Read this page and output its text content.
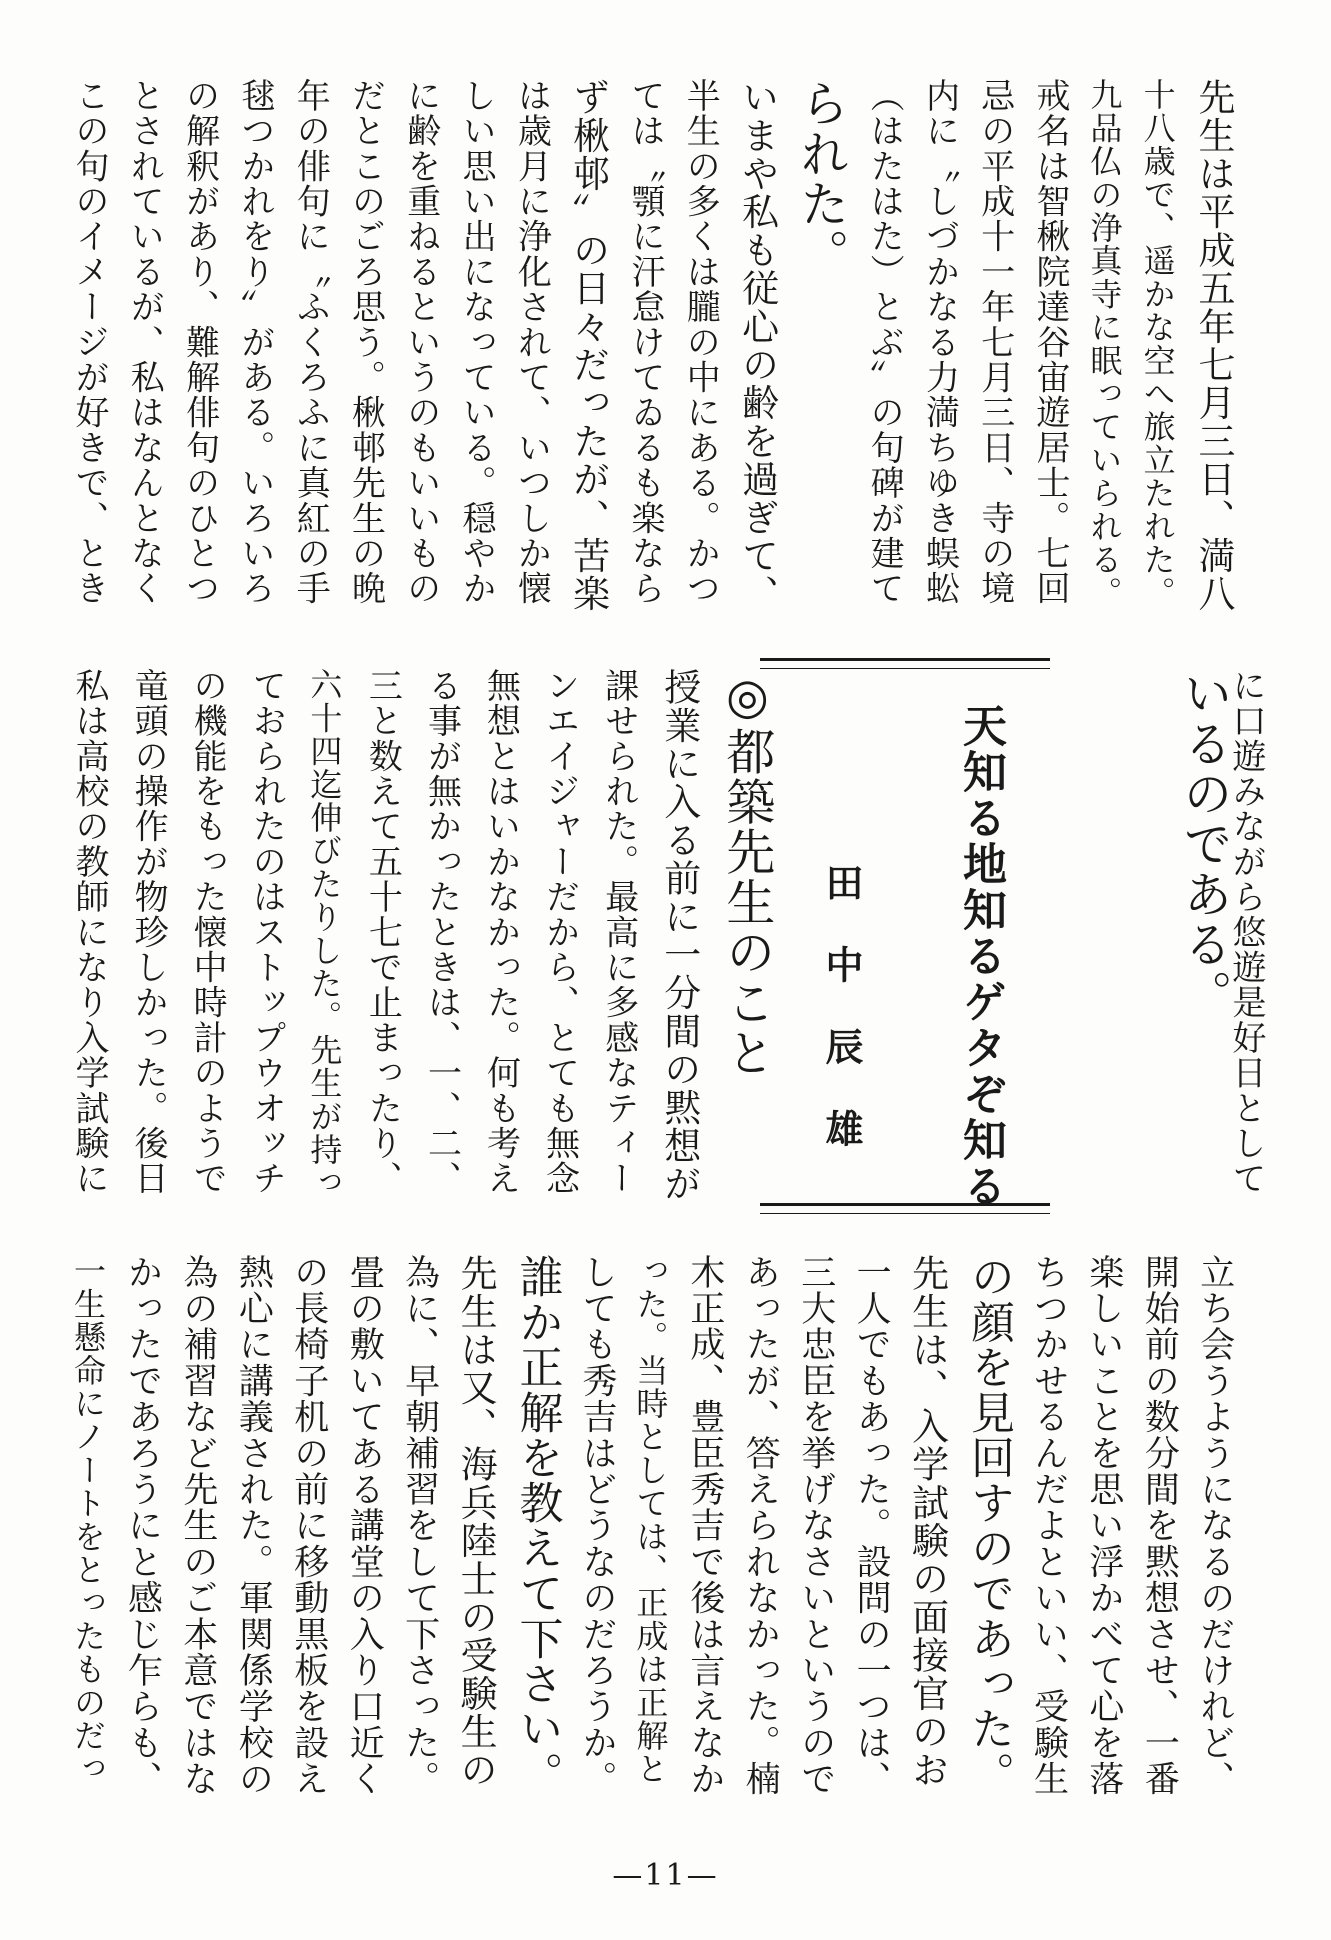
先生は平成五年七月三日、満八
十八歳で、遥かな空へ旅立たれた。
九品仏の浄真寺に眠っていられる。
戒名は智楸院達谷宙遊居士。七回
忌の平成十一年七月三日、寺の境
内に〝しづかなる力満ちゆき蜈蚣
（はたはた）とぶ〟の句碑が建て
られた。
いまや私も従心の齢を過ぎて、
半生の多くは朧の中にある。かつ
ては〝顎に汗怠けてゐるも楽なら
ず楸邨〟の日々だったが、苦楽
は歳月に浄化されて、いつしか懐
しい思い出になっている。穏やか
に齢を重ねるというのもいいもの
だとこのごろ思う。楸邨先生の晩
年の俳句に〝ふくろふに真紅の手
毬つかれをり〟がある。いろいろ
の解釈があり、難解俳句のひとつ
とされているが、私はなんとなく
この句のイメージが好きで、とき
に口遊みながら悠遊是好日として
いるのである。
天知る地知るゲタぞ知る
田中辰雄
◎都築先生のこと
授業に入る前に一分間の黙想が
課せられた。最高に多感なティー
ンエイジャーだから、とても無念
無想とはいかなかった。何も考え
る事が無かったときは、一、二、
三と数えて五十七で止まったり、
六十四迄伸びたりした。先生が持っ
ておられたのはストップウオッチ
の機能をもった懐中時計のようで
竜頭の操作が物珍しかった。後日
私は高校の教師になり入学試験に
立ち会うようになるのだけれど、
開始前の数分間を黙想させ、一番
楽しいことを思い浮かべて心を落
ちつかせるんだよといい、受験生
の顔を見回すのであった。
先生は、入学試験の面接官のお
一人でもあった。設問の一つは、
三大忠臣を挙げなさいというので
あったが、答えられなかった。楠
木正成、豊臣秀吉で後は言えなか
った。当時としては、正成は正解と
しても秀吉はどうなのだろうか。
誰か正解を教えて下さい。
先生は又、海兵陸士の受験生の
為に、早朝補習をして下さった。
畳の敷いてある講堂の入り口近く
の長椅子机の前に移動黒板を設え
熱心に講義された。軍関係学校の
為の補習など先生のご本意ではな
かったであろうにと感じ乍らも、
一生懸命にノートをとったものだっ
—11—
